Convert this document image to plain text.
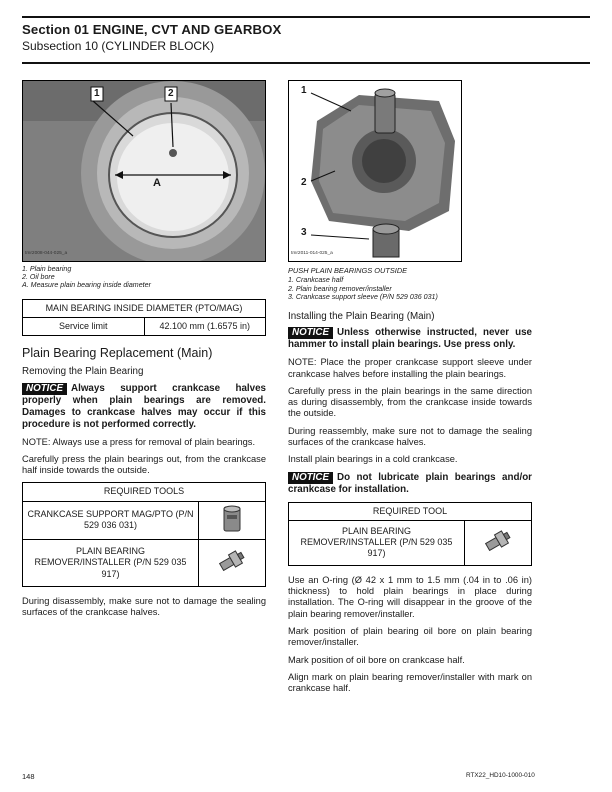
Section 01 ENGINE, CVT AND GEARBOX
Subsection 10 (CYLINDER BLOCK)
1	2
A
tmr2008-044-025_a
1. Plain bearing
2. Oil bore
A. Measure plain bearing inside diameter
MAIN BEARING INSIDE DIAMETER (PTO/MAG)
Service limit	42.100 mm (1.6575 in)
Plain Bearing Replacement (Main)
Removing the Plain Bearing

NOTICE Always support crankcase halves properly when plain bearings are removed. Damages to crankcase halves may occur if this procedure is not performed correctly.

NOTE: Always use a press for removal of plain bearings.

Carefully press the plain bearings out, from the crankcase half inside towards the outside.

REQUIRED TOOLS	
CRANKCASE SUPPORT MAG/PTO (P/N 529 036 031)	
PLAIN BEARING REMOVER/INSTALLER (P/N 529 035 917)	

During disassembly, make sure not to damage the sealing surfaces of the crankcase halves.

1
2
3
tmr2011-014-025_a
PUSH PLAIN BEARINGS OUTSIDE
1. Crankcase half
2. Plain bearing remover/installer
3. Crankcase support sleeve (P/N 529 036 031)
Installing the Plain Bearing (Main)

NOTICE Unless otherwise instructed, never use hammer to install plain bearings. Use press only.

NOTE: Place the proper crankcase support sleeve under crankcase halves before installing the plain bearings.

Carefully press in the plain bearings in the same direction as during disassembly, from the crankcase inside towards the outside.

During reassembly, make sure not to damage the sealing surfaces of the crankcase halves.

Install plain bearings in a cold crankcase.

NOTICE Do not lubricate plain bearings and/or crankcase for installation.

REQUIRED TOOL
PLAIN BEARING REMOVER/INSTALLER (P/N 529 035 917)	

Use an O-ring (Ø 42 x 1 mm to 1.5 mm (.04 in to .06 in) thickness) to hold plain bearings in place during installation. The O-ring will disappear in the groove of the plain bearing remover/installer.

Mark position of plain bearing oil bore on plain bearing remover/installer.

Mark position of oil bore on crankcase half.

Align mark on plain bearing remover/installer with mark on crankcase half.

148	RTX22_HD10-1000-010
